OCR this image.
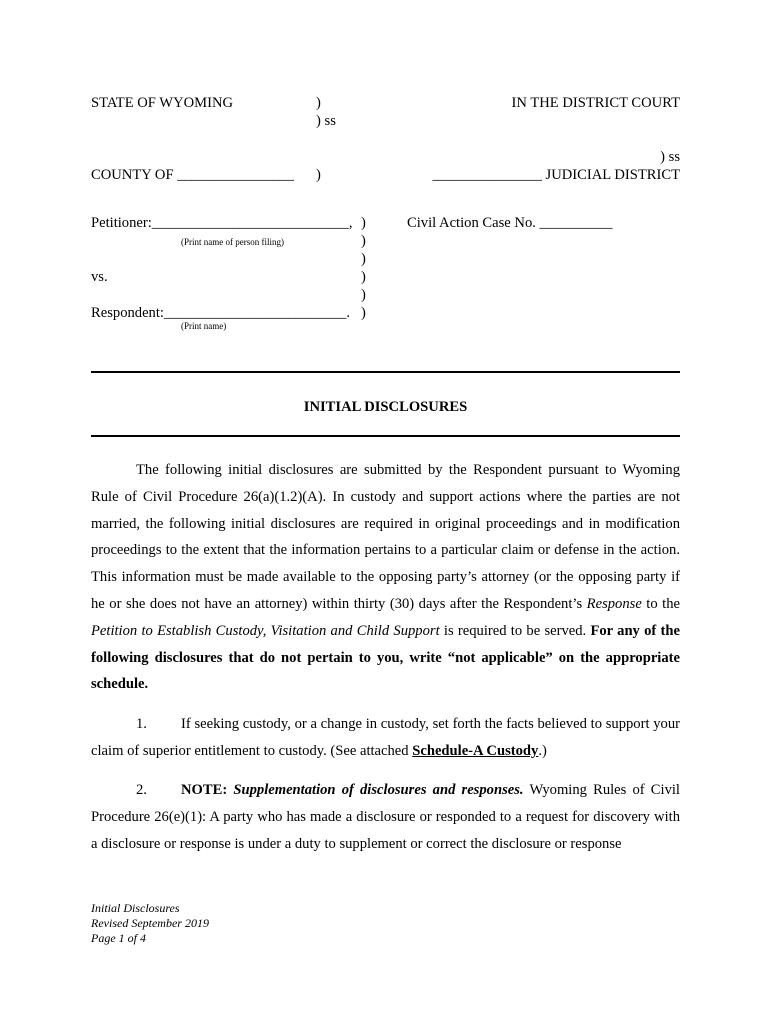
STATE OF WYOMING	)
) ss
IN THE DISTRICT COURT
) ss
COUNTY OF ________________ )	_______________ JUDICIAL DISTRICT
Petitioner:___________________________,
(Print name of person filing)
Civil Action Case No. __________
)
)
)
)
)
)
vs.
Respondent:_________________________.
(Print name)
INITIAL DISCLOSURES
The following initial disclosures are submitted by the Respondent pursuant to Wyoming Rule of Civil Procedure 26(a)(1.2)(A). In custody and support actions where the parties are not married, the following initial disclosures are required in original proceedings and in modification proceedings to the extent that the information pertains to a particular claim or defense in the action. This information must be made available to the opposing party’s attorney (or the opposing party if he or she does not have an attorney) within thirty (30) days after the Respondent’s Response to the Petition to Establish Custody, Visitation and Child Support is required to be served. For any of the following disclosures that do not pertain to you, write “not applicable” on the appropriate schedule.
1. If seeking custody, or a change in custody, set forth the facts believed to support your claim of superior entitlement to custody. (See attached Schedule-A Custody.)
2. NOTE: Supplementation of disclosures and responses. Wyoming Rules of Civil Procedure 26(e)(1): A party who has made a disclosure or responded to a request for discovery with a disclosure or response is under a duty to supplement or correct the disclosure or response
Initial Disclosures
Revised September 2019
Page 1 of 4
